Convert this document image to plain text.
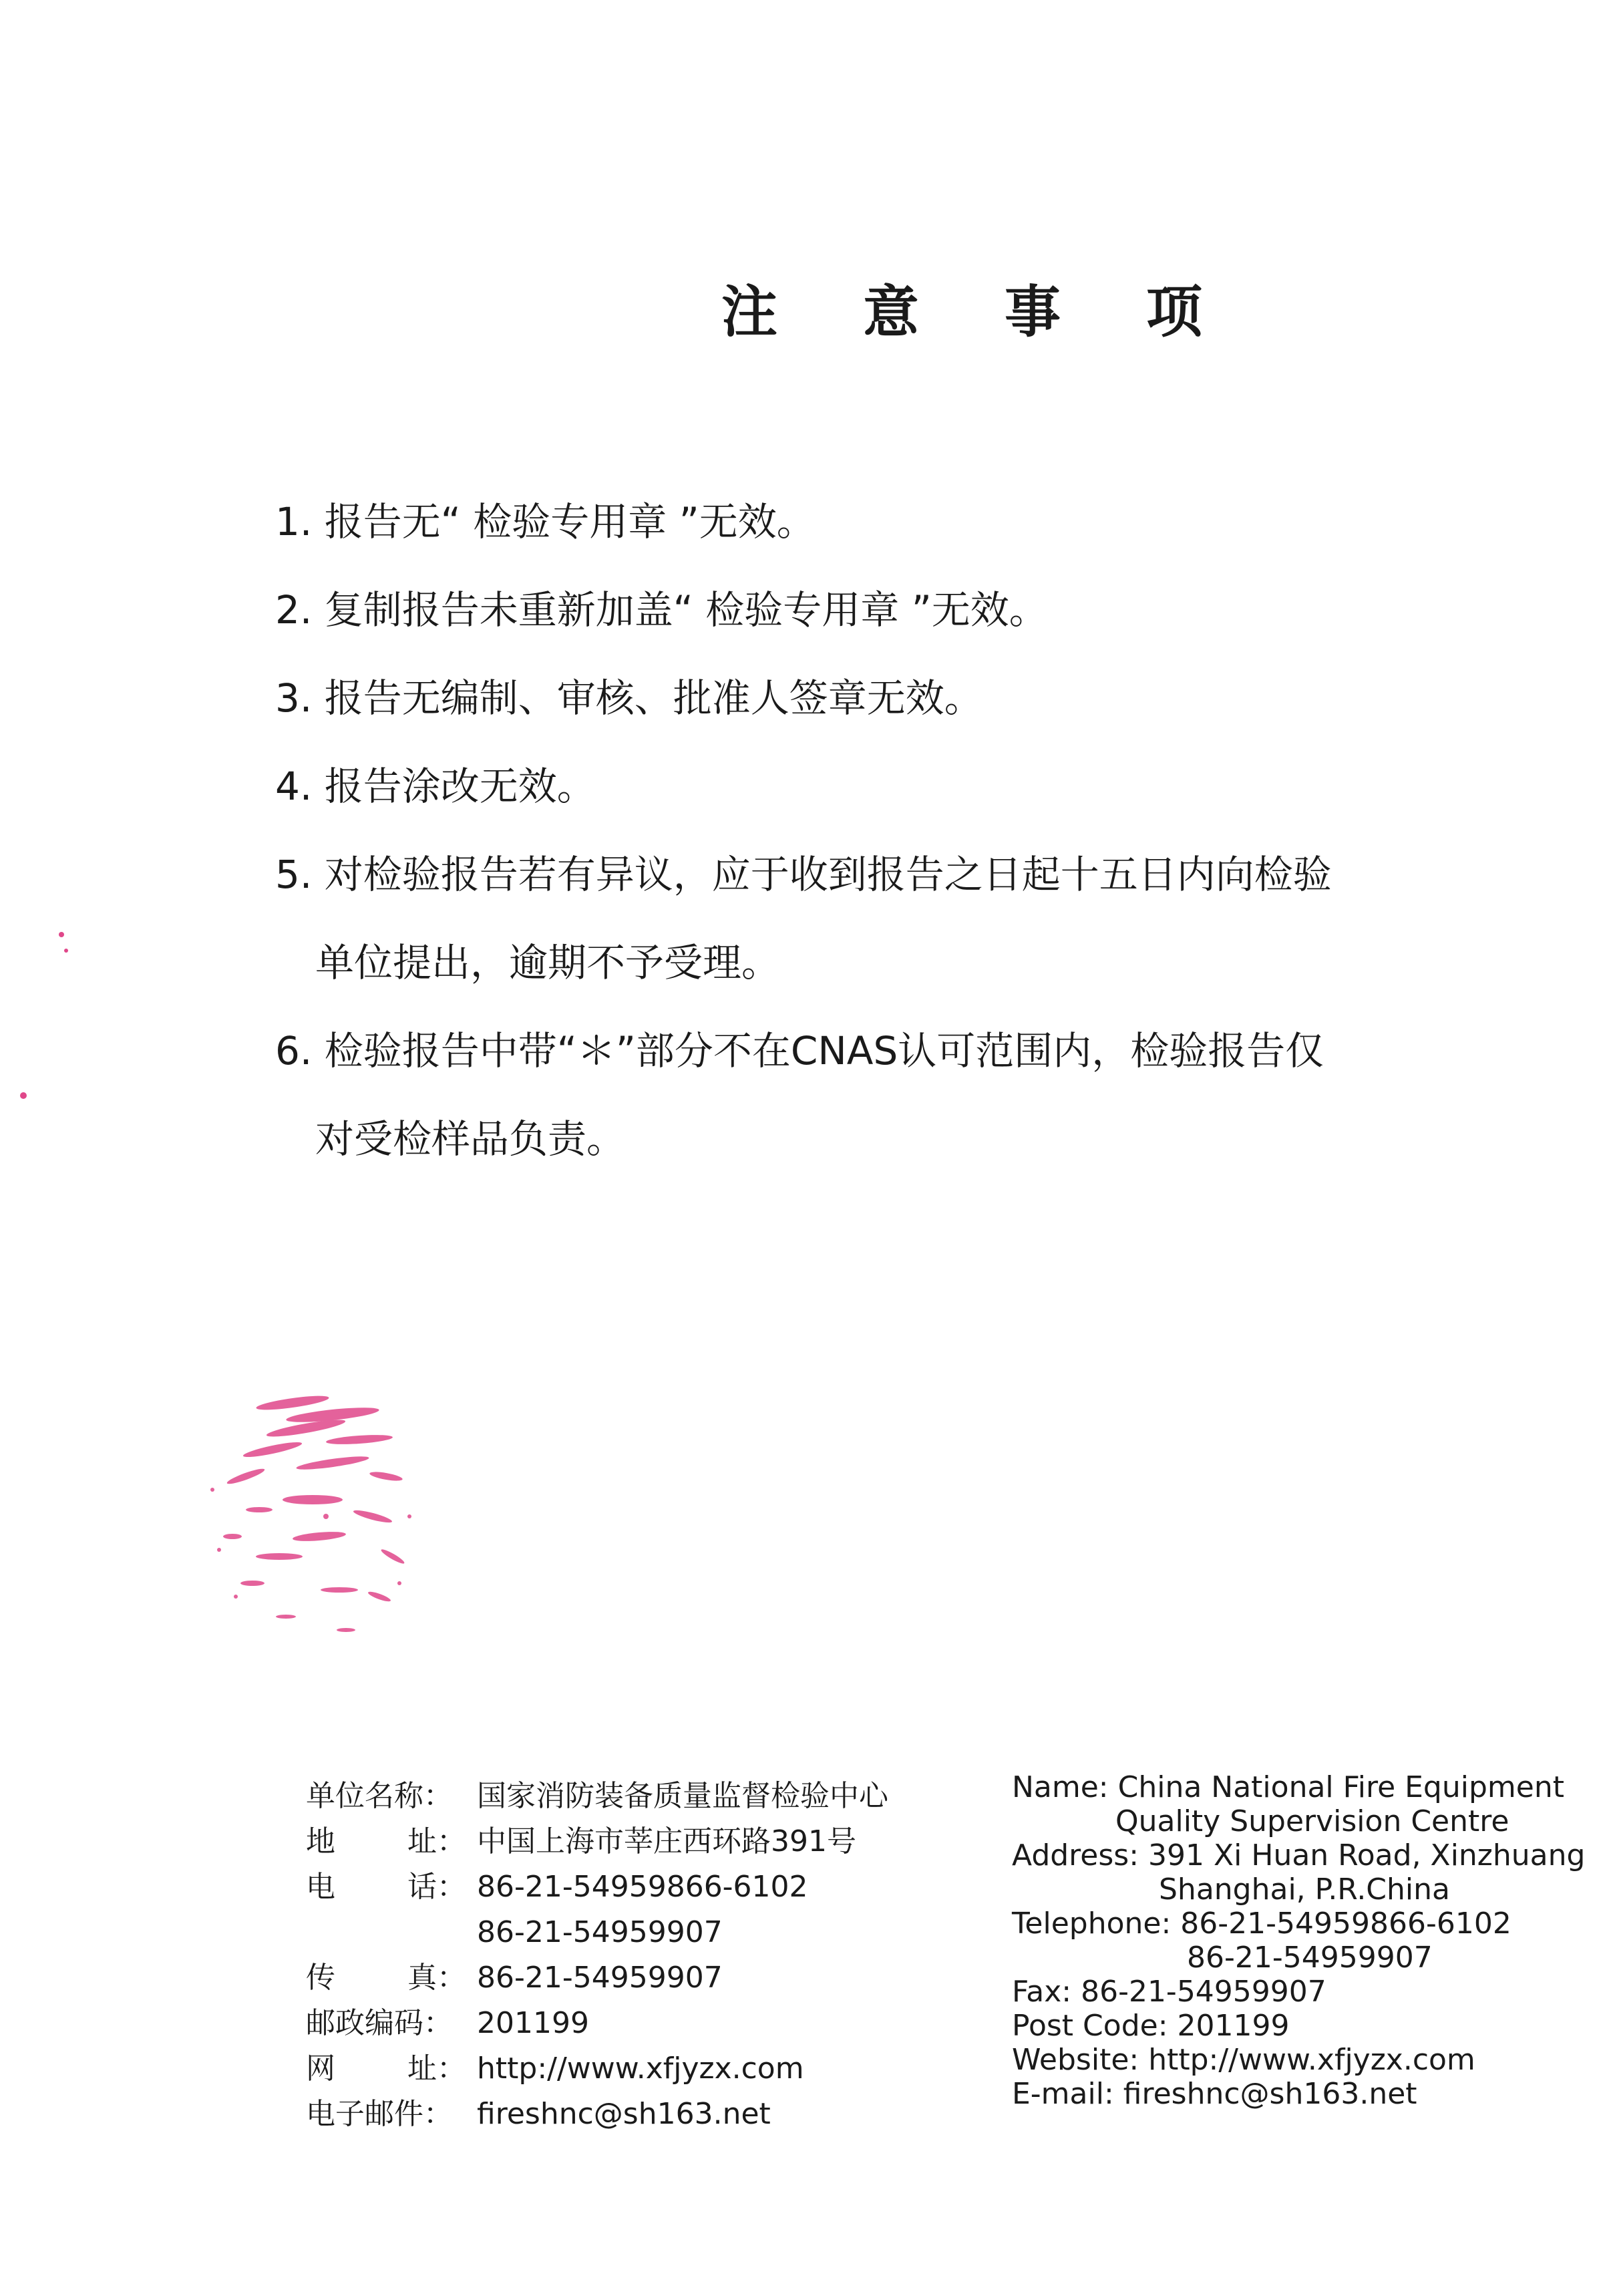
注 意 事 项

1. 报告无“ 检验专用章 ”无效。

2. 复制报告未重新加盖“ 检验专用章 ”无效。

3. 报告无编制、审核、批准人签章无效。

4. 报告涂改无效。

5. 对检验报告若有异议，应于收到报告之日起十五日内向检验
单位提出，逾期不予受理。

6. 检验报告中带“＊”部分不在CNAS认可范围内，检验报告仅
对受检样品负责。

单位名称： 国家消防装备质量监督检验中心
地 址： 中国上海市莘庄西环路391号
电 话： 86-21-54959866-6102
86-21-54959907
传 真： 86-21-54959907
邮政编码： 201199
网 址： http://www.xfjyzx.com
电子邮件： fireshnc@sh163.net
Name: China National Fire Equipment
Quality Supervision Centre
Address: 391 Xi Huan Road, Xinzhuang
Shanghai, P.R.China
Telephone: 86-21-54959866-6102
86-21-54959907
Fax: 86-21-54959907
Post Code: 201199
Website: http://www.xfjyzx.com
E-mail: fireshnc@sh163.net
